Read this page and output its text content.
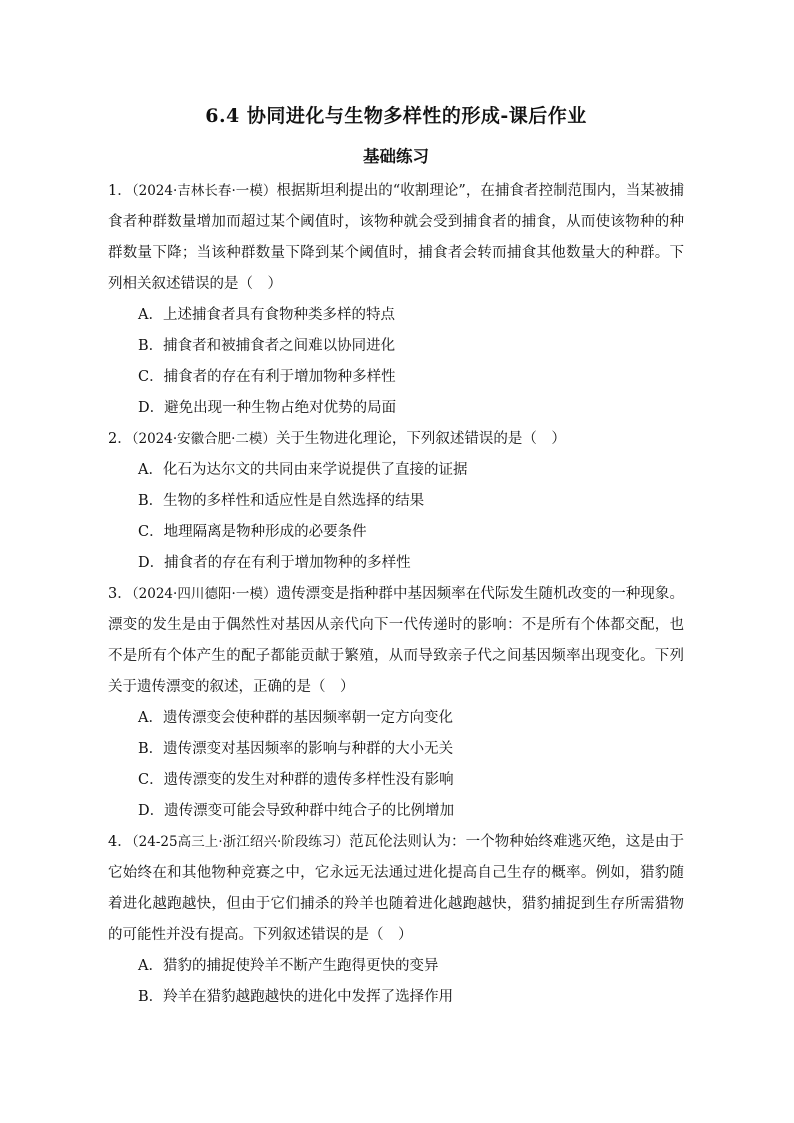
6.4 协同进化与生物多样性的形成-课后作业
基础练习

1．（2024·吉林长春·一模）根据斯坦利提出的“收割理论”，在捕食者控制范围内，当某被捕食者种群数量增加而超过某个阈值时，该物种就会受到捕食者的捕食，从而使该物种的种群数量下降；当该种群数量下降到某个阈值时，捕食者会转而捕食其他数量大的种群。下列相关叙述错误的是（　）

A．上述捕食者具有食物种类多样的特点
B．捕食者和被捕食者之间难以协同进化
C．捕食者的存在有利于增加物种多样性
D．避免出现一种生物占绝对优势的局面

2．（2024·安徽合肥·二模）关于生物进化理论，下列叙述错误的是（　）

A．化石为达尔文的共同由来学说提供了直接的证据
B．生物的多样性和适应性是自然选择的结果
C．地理隔离是物种形成的必要条件
D．捕食者的存在有利于增加物种的多样性

3．（2024·四川德阳·一模）遗传漂变是指种群中基因频率在代际发生随机改变的一种现象。漂变的发生是由于偶然性对基因从亲代向下一代传递时的影响：不是所有个体都交配，也不是所有个体产生的配子都能贡献于繁殖，从而导致亲子代之间基因频率出现变化。下列关于遗传漂变的叙述，正确的是（　）

A．遗传漂变会使种群的基因频率朝一定方向变化
B．遗传漂变对基因频率的影响与种群的大小无关
C．遗传漂变的发生对种群的遗传多样性没有影响
D．遗传漂变可能会导致种群中纯合子的比例增加

4．（24-25高三上·浙江绍兴·阶段练习）范瓦伦法则认为：一个物种始终难逃灭绝，这是由于它始终在和其他物种竞赛之中，它永远无法通过进化提高自己生存的概率。例如，猎豹随着进化越跑越快，但由于它们捕杀的羚羊也随着进化越跑越快，猎豹捕捉到生存所需猎物的可能性并没有提高。下列叙述错误的是（　）

A．猎豹的捕捉使羚羊不断产生跑得更快的变异
B．羚羊在猎豹越跑越快的进化中发挥了选择作用
